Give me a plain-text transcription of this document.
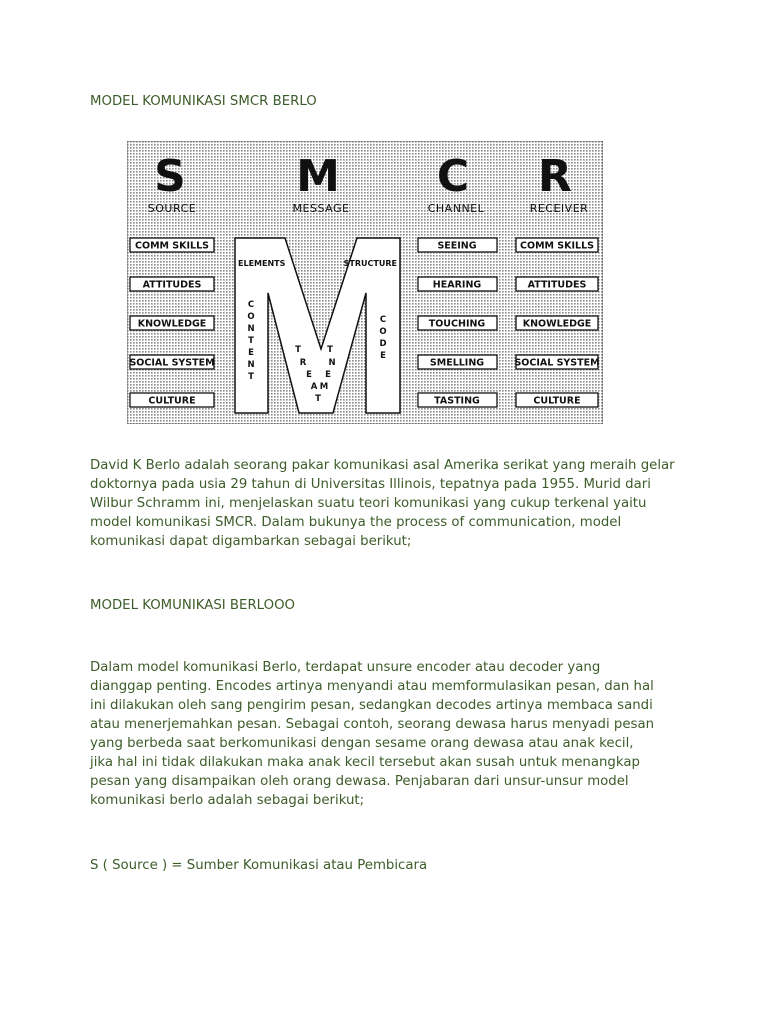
MODEL KOMUNIKASI SMCR BERLO

S	M C R
SOURCE	MESSAGE	CHANNEL	RECEIVER
COMM SKILLS
ATTITUDES
KNOWLEDGE
SOCIAL SYSTEM
CULTURE
ELEMENTS	STRUCTURE
C
O
N
T
E
N
T
C
O
D
E
T
R
E
A
T
M
E
N
T
SEEING
HEARING
TOUCHING
SMELLING
TASTING
COMM SKILLS
ATTITUDES
KNOWLEDGE
SOCIAL SYSTEM
CULTURE

David K Berlo adalah seorang pakar komunikasi asal Amerika serikat yang meraih gelar doktornya pada usia 29 tahun di Universitas Illinois, tepatnya pada 1955. Murid dari Wilbur Schramm ini, menjelaskan suatu teori komunikasi yang cukup terkenal yaitu model komunikasi SMCR. Dalam bukunya the process of communication, model komunikasi dapat digambarkan sebagai berikut;

MODEL KOMUNIKASI BERLOOO

Dalam model komunikasi Berlo, terdapat unsure encoder atau decoder yang dianggap penting. Encodes artinya menyandi atau memformulasikan pesan, dan hal ini dilakukan oleh sang pengirim pesan, sedangkan decodes artinya membaca sandi atau menerjemahkan pesan. Sebagai contoh, seorang dewasa harus menyadi pesan yang berbeda saat berkomunikasi dengan sesame orang dewasa atau anak kecil, jika hal ini tidak dilakukan maka anak kecil tersebut akan susah untuk menangkap pesan yang disampaikan oleh orang dewasa. Penjabaran dari unsur-unsur model komunikasi berlo adalah sebagai berikut;

S ( Source ) = Sumber Komunikasi atau Pembicara
